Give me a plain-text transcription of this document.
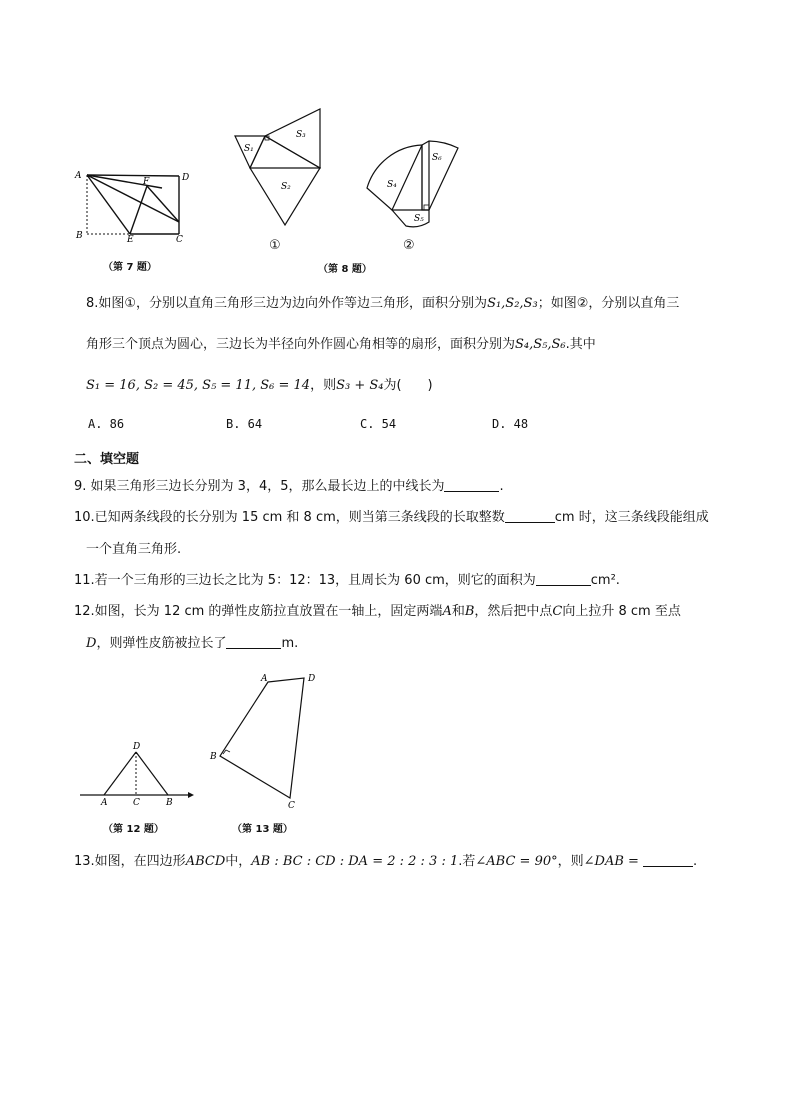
A	D
F
B	E	C
（第 7 题）
S₁
S₃
S₂
①
S₄
S₆
S₅
②
（第 8 题）
8.如图①，分别以直角三角形三边为边向外作等边三角形，面积分别为S₁,S₂,S₃；如图②，分别以直角三
角形三个顶点为圆心，三边长为半径向外作圆心角相等的扇形，面积分别为S₄,S₅,S₆.其中
S₁ = 16, S₂ = 45, S₅ = 11, S₆ = 14，则S₃ + S₄为(　　)
A. 86	B. 64	C. 54	D. 48
二、填空题
9. 如果三角形三边长分别为 3，4，5，那么最长边上的中线长为	.
10.已知两条线段的长分别为 15 cm 和 8 cm，则当第三条线段的长取整数	cm 时，这三条线段能组成
一个直角三角形.
11.若一个三角形的三边长之比为 5：12：13，且周长为 60 cm，则它的面积为	cm².
12.如图，长为 12 cm 的弹性皮筋拉直放置在一轴上，固定两端A和B，然后把中点C向上拉升 8 cm 至点
D，则弹性皮筋被拉长了	m.
D
A	C	B
（第 12 题）
A	D
B
C
（第 13 题）
13.如图，在四边形ABCD中，AB : BC : CD : DA = 2 : 2 : 3 : 1.若∠ABC = 90°，则∠DAB =	.
